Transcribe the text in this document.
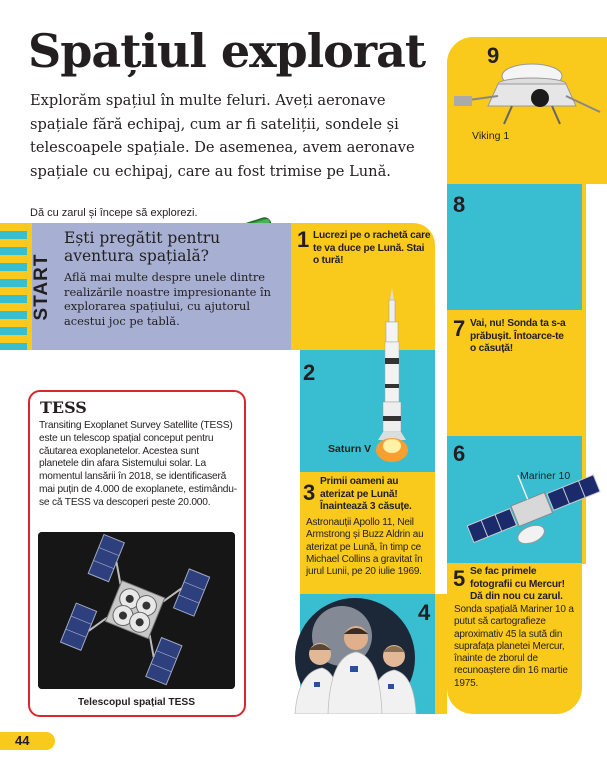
Spațiul explorat
Explorăm spațiul în multe feluri. Aveți aeronave spațiale fără echipaj, cum ar fi sateliții, sondele și telescoapele spațiale. De asemenea, avem aeronave spațiale cu echipaj, care au fost trimise pe Lună.
Dă cu zarul și începe să explorezi.
START
Ești pregătit pentru aventura spațială?
Află mai multe despre unele dintre realizările noastre impresionante în explorarea spațiului, cu ajutorul acestui joc pe tablă.
1 Lucrezi pe o rachetă care te va duce pe Lună. Stai o tură!
2
Saturn V
3 Primii oameni au aterizat pe Lună! Înaintează 3 căsuțe.
Astronauții Apollo 11, Neil Armstrong și Buzz Aldrin au aterizat pe Lună, în timp ce Michael Collins a gravitat în jurul Lunii, pe 20 iulie 1969.
4
5 Se fac primele fotografii cu Mercur! Dă din nou cu zarul.
Sonda spațială Mariner 10 a putut să cartografieze aproximativ 45 la sută din suprafața planetei Mercur, înainte de zborul de recunoaștere din 16 martie 1975.
6
Mariner 10
7 Vai, nu! Sonda ta s-a prăbușit. Întoarce-te o căsuță!
8
9
Viking 1
TESS
Transiting Exoplanet Survey Satellite (TESS) este un telescop spațial conceput pentru căutarea exoplanetelor. Acestea sunt planetele din afara Sistemului solar. La momentul lansării în 2018, se identificaseră mai puțin de 4.000 de exoplanete, estimându-se că TESS va descoperi peste 20.000.
Telescopul spațial TESS
44
